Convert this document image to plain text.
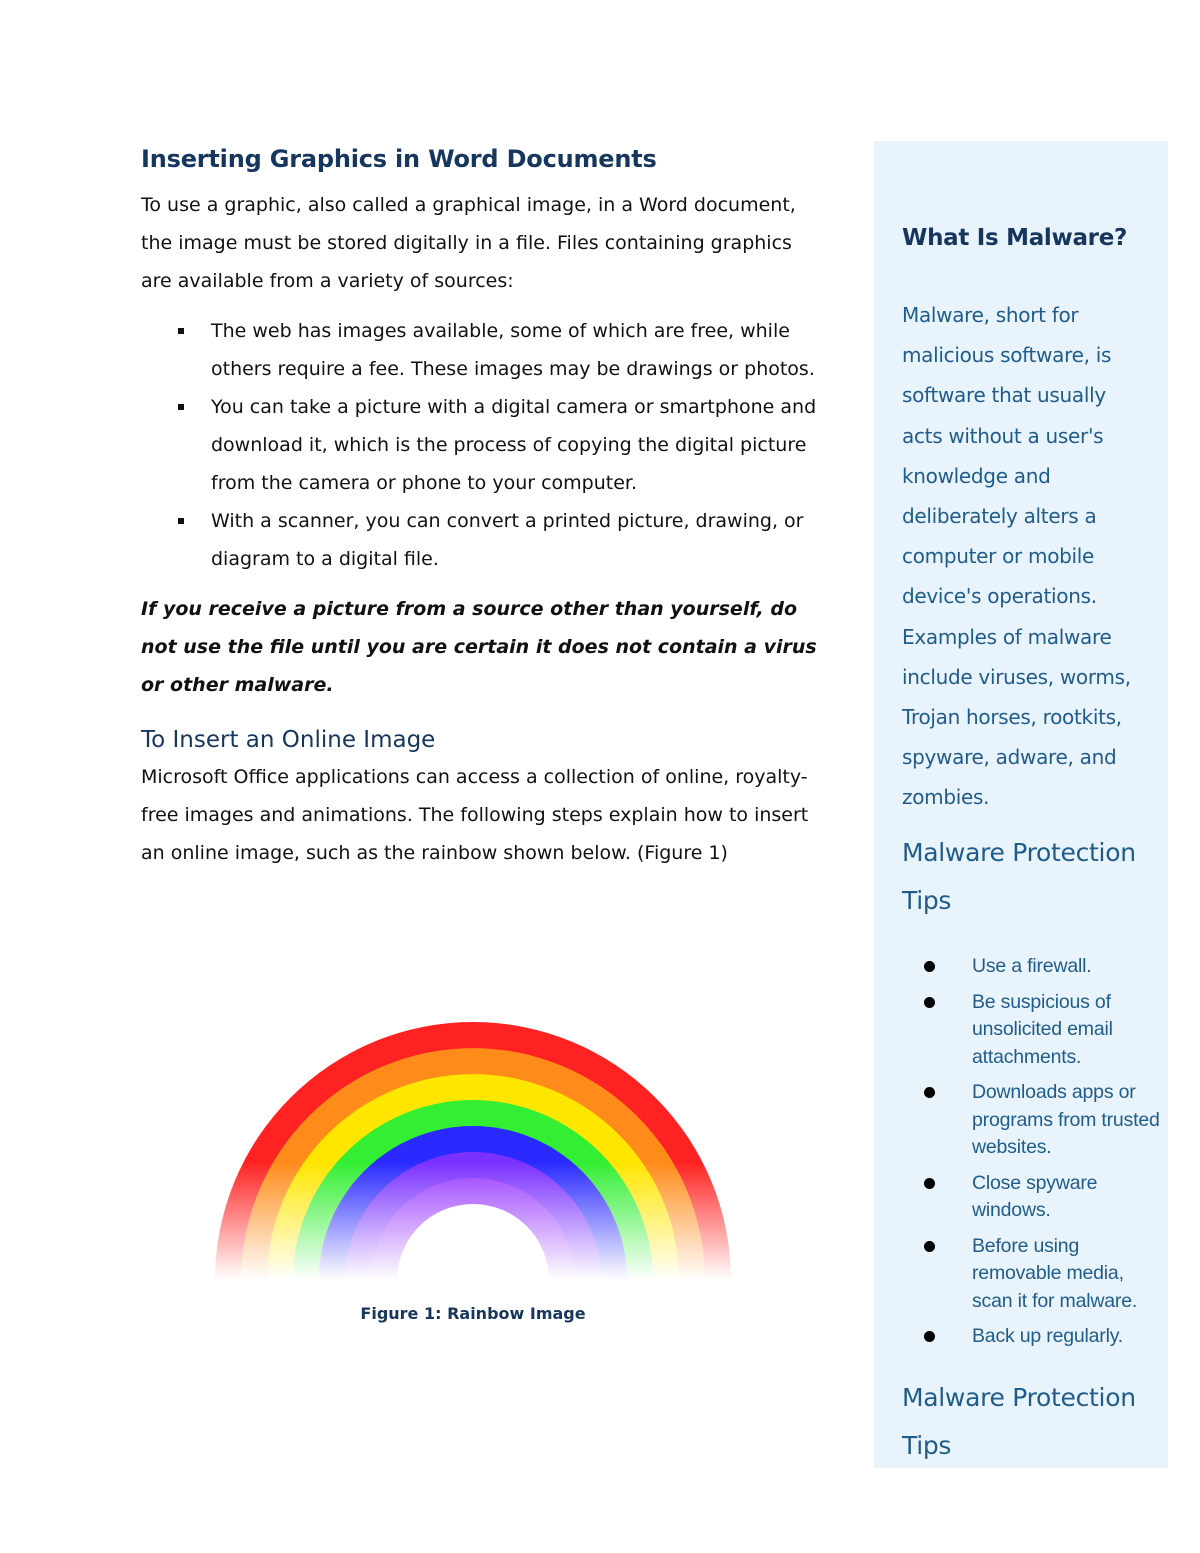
Inserting Graphics in Word Documents

To use a graphic, also called a graphical image, in a Word document, the image must be stored digitally in a file. Files containing graphics are available from a variety of sources:

The web has images available, some of which are free, while others require a fee. These images may be drawings or photos.
You can take a picture with a digital camera or smartphone and download it, which is the process of copying the digital picture from the camera or phone to your computer.
With a scanner, you can convert a printed picture, drawing, or diagram to a digital file.

If you receive a picture from a source other than yourself, do not use the file until you are certain it does not contain a virus or other malware.

To Insert an Online Image

Microsoft Office applications can access a collection of online, royalty-free images and animations. The following steps explain how to insert an online image, such as the rainbow shown below. (Figure 1)

Figure 1: Rainbow Image
What Is Malware?
Malware, short for malicious software, is software that usually acts without a user's knowledge and deliberately alters a computer or mobile device's operations. Examples of malware include viruses, worms, Trojan horses, rootkits, spyware, adware, and zombies.
Malware Protection Tips
Use a firewall.
Be suspicious of unsolicited email attachments.
Downloads apps or programs from trusted websites.
Close spyware windows.
Before using removable media, scan it for malware.
Back up regularly.
Malware Protection Tips
